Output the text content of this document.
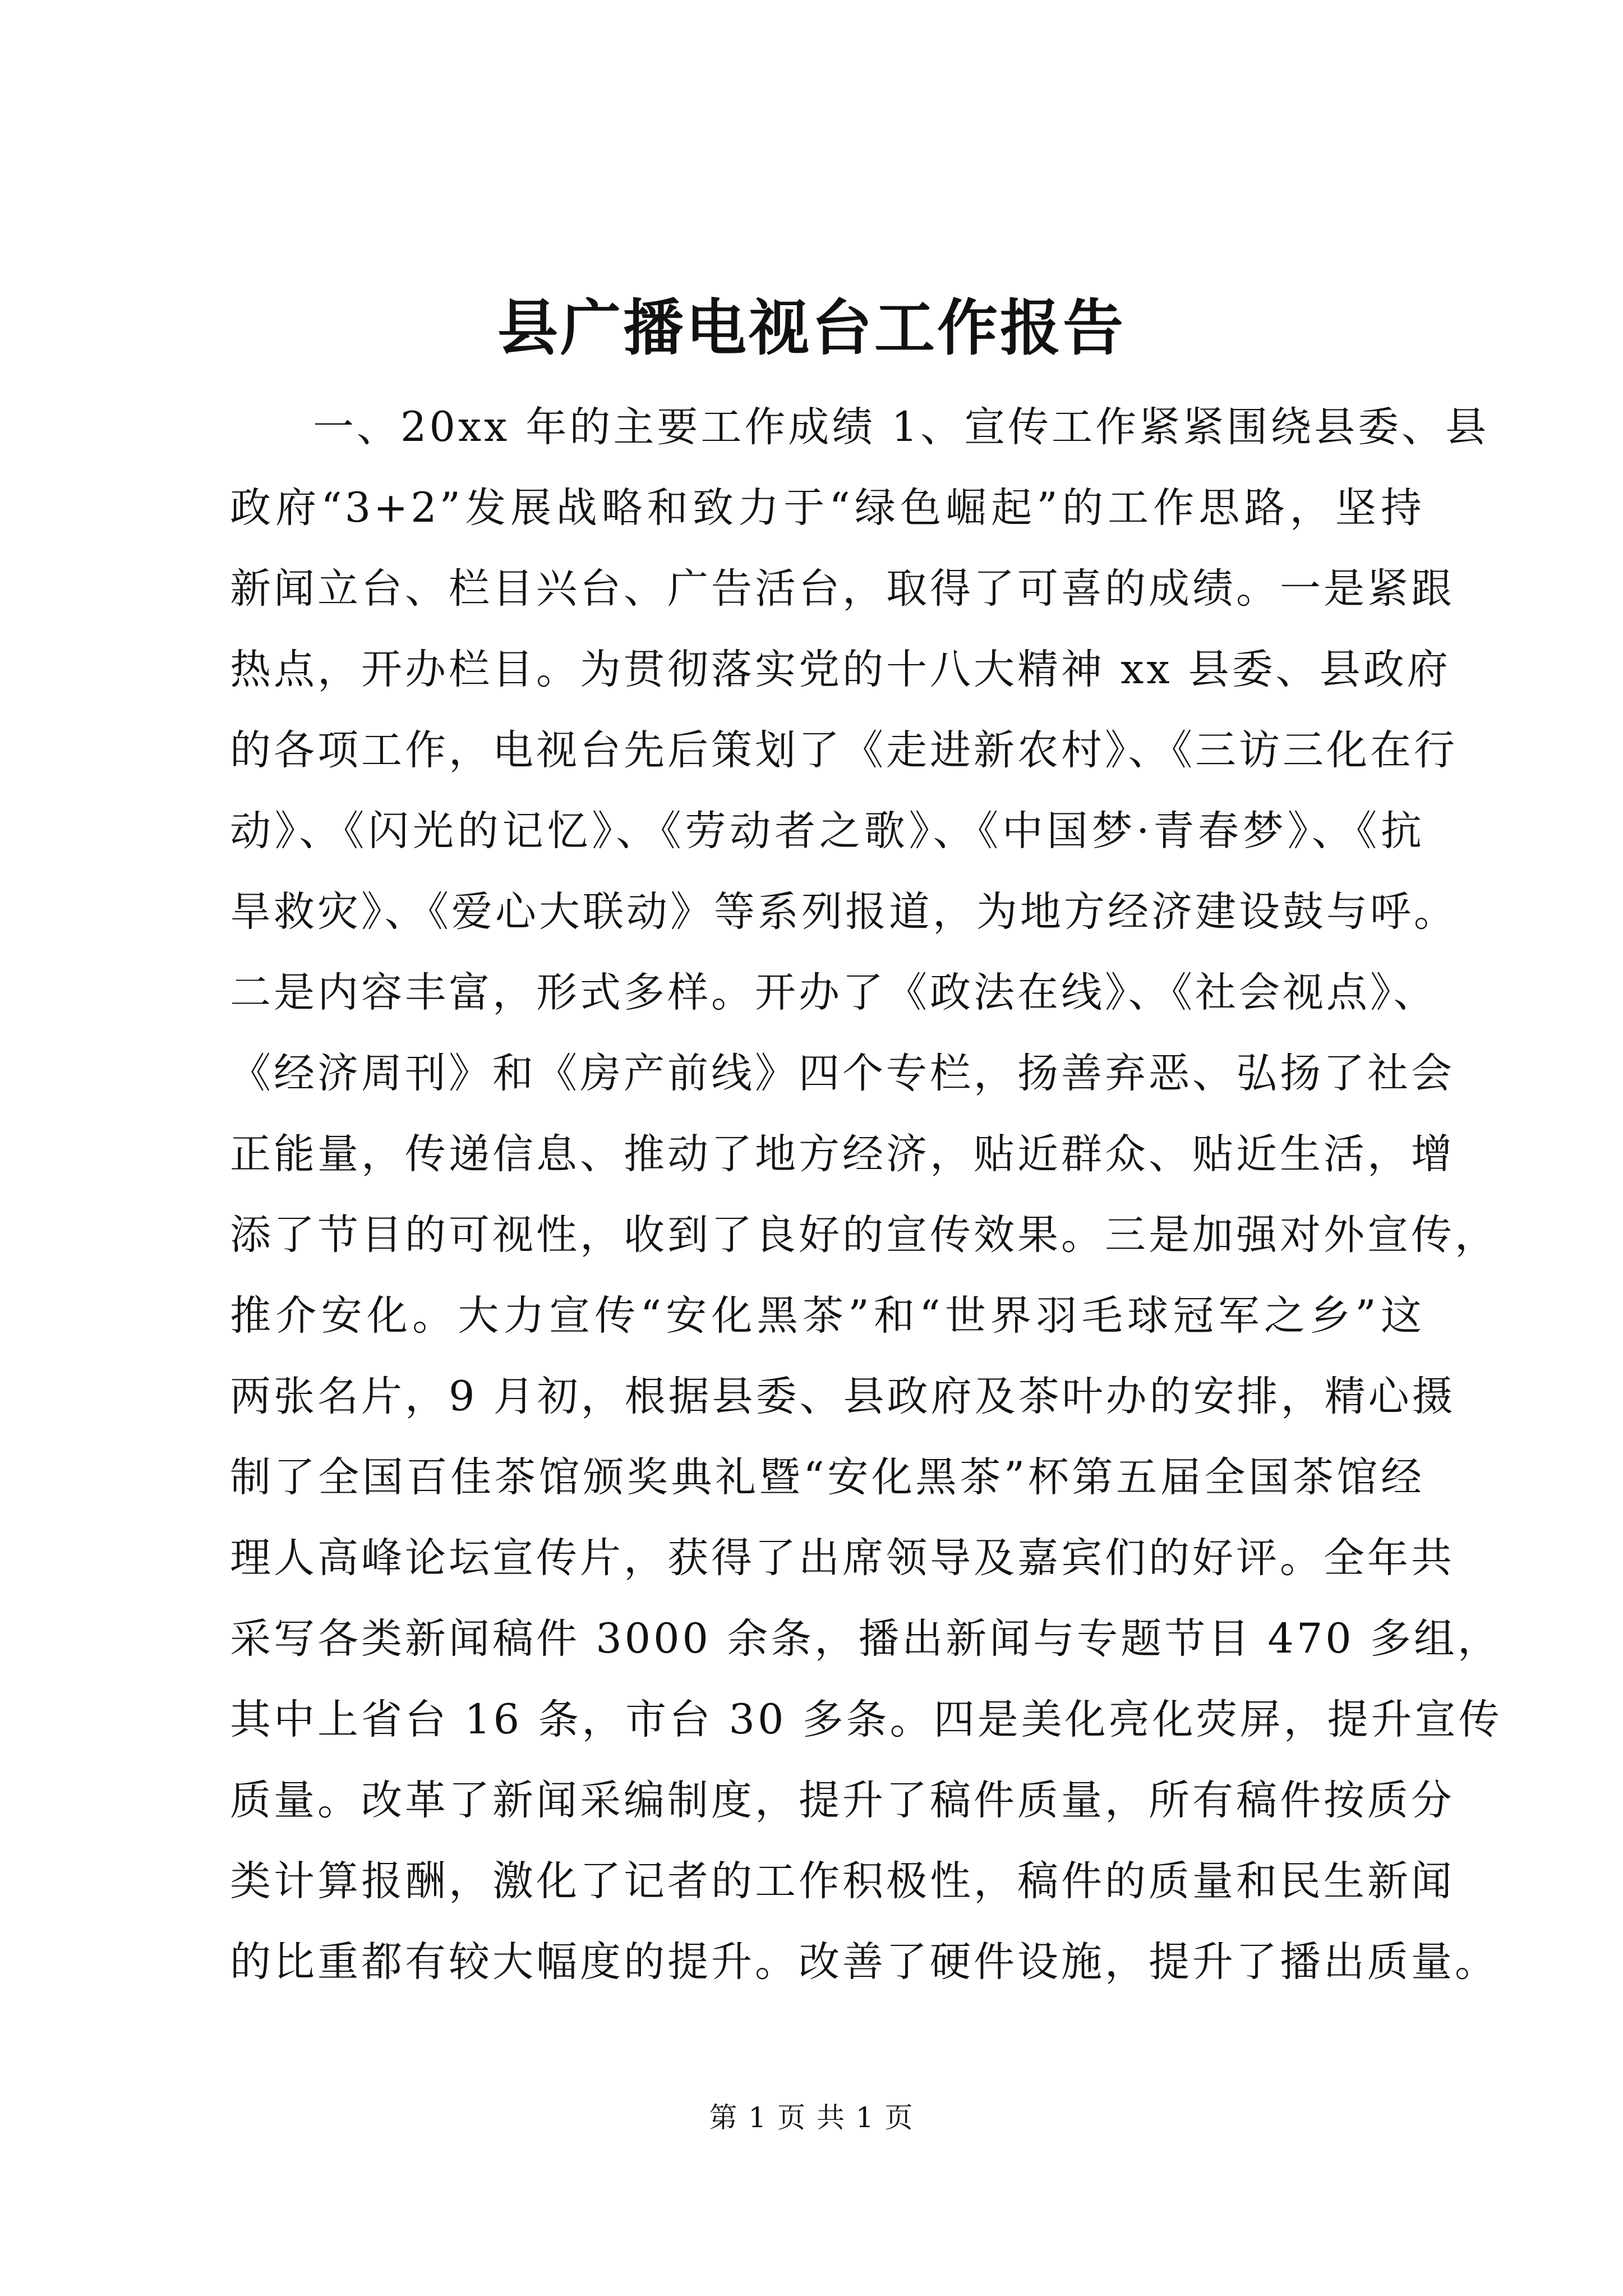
县广播电视台工作报告
一、20xx 年的主要工作成绩 1、宣传工作紧紧围绕县委、县
政府“3+2”发展战略和致力于“绿色崛起”的工作思路，坚持
新闻立台、栏目兴台、广告活台，取得了可喜的成绩。一是紧跟
热点，开办栏目。为贯彻落实党的十八大精神 xx 县委、县政府
的各项工作，电视台先后策划了《走进新农村》、《三访三化在行
动》、《闪光的记忆》、《劳动者之歌》、《中国梦·青春梦》、《抗
旱救灾》、《爱心大联动》等系列报道，为地方经济建设鼓与呼。
二是内容丰富，形式多样。开办了《政法在线》、《社会视点》、
《经济周刊》和《房产前线》四个专栏，扬善弃恶、弘扬了社会
正能量，传递信息、推动了地方经济，贴近群众、贴近生活，增
添了节目的可视性，收到了良好的宣传效果。三是加强对外宣传，
推介安化。大力宣传“安化黑茶”和“世界羽毛球冠军之乡”这
两张名片，9 月初，根据县委、县政府及茶叶办的安排，精心摄
制了全国百佳茶馆颁奖典礼暨“安化黑茶”杯第五届全国茶馆经
理人高峰论坛宣传片，获得了出席领导及嘉宾们的好评。全年共
采写各类新闻稿件 3000 余条，播出新闻与专题节目 470 多组，
其中上省台 16 条，市台 30 多条。四是美化亮化荧屏，提升宣传
质量。改革了新闻采编制度，提升了稿件质量，所有稿件按质分
类计算报酬，激化了记者的工作积极性，稿件的质量和民生新闻
的比重都有较大幅度的提升。改善了硬件设施，提升了播出质量。
第 1 页 共 1 页
